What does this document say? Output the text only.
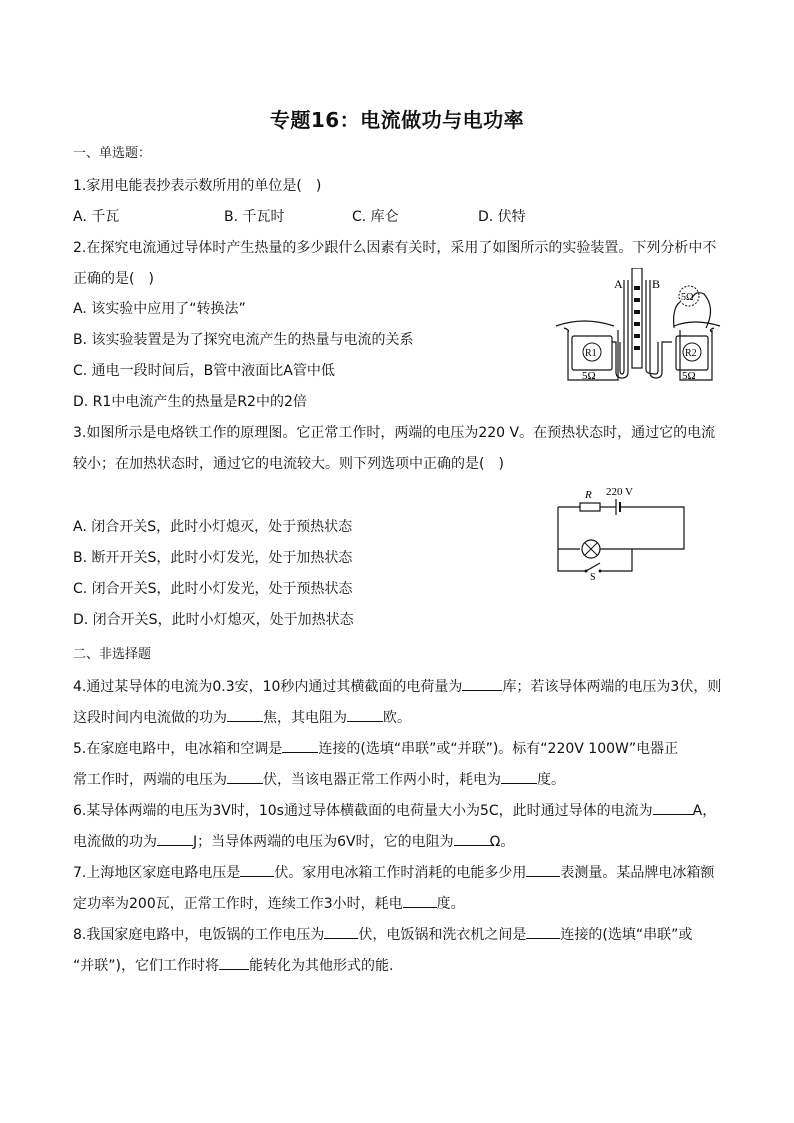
专题16：电流做功与电功率
一、单选题：
1.家用电能表抄表示数所用的单位是(　)
A. 千瓦	B. 千瓦时	C. 库仑	D. 伏特
2.在探究电流通过导体时产生热量的多少跟什么因素有关时，采用了如图所示的实验装置。下列分析中不
正确的是(　)
A. 该实验中应用了“转换法”
B. 该实验装置是为了探究电流产生的热量与电流的关系
C. 通电一段时间后，B管中液面比A管中低
D. R1中电流产生的热量是R2中的2倍
A B
R1	R2
5Ω	5Ω
5Ω
3.如图所示是电烙铁工作的原理图。它正常工作时，两端的电压为220 V。在预热状态时，通过它的电流
较小；在加热状态时，通过它的电流较大。则下列选项中正确的是(　)
A. 闭合开关S，此时小灯熄灭，处于预热状态
B. 断开开关S，此时小灯发光，处于加热状态
C. 闭合开关S，此时小灯发光，处于预热状态
D. 闭合开关S，此时小灯熄灭，处于加热状态
R 220 V
S
二、非选择题
4.通过某导体的电流为0.3安，10秒内通过其横截面的电荷量为	库；若该导体两端的电压为3伏，则
这段时间内电流做的功为	焦，其电阻为	欧。
5.在家庭电路中，电冰箱和空调是	连接的(选填“串联”或“并联”)。标有“220V 100W”电器正
常工作时，两端的电压为	伏，当该电器正常工作两小时，耗电为	度。
6.某导体两端的电压为3V时，10s通过导体横截面的电荷量大小为5C，此时通过导体的电流为	A，
电流做的功为	J；当导体两端的电压为6V时，它的电阻为	Ω。
7.上海地区家庭电路电压是 伏。家用电冰箱工作时消耗的电能多少用 表测量。某品牌电冰箱额
定功率为200瓦，正常工作时，连续工作3小时，耗电 度。
8.我国家庭电路中，电饭锅的工作电压为 伏，电饭锅和洗衣机之间是 连接的(选填“串联”或
“并联”)，它们工作时将 能转化为其他形式的能.
